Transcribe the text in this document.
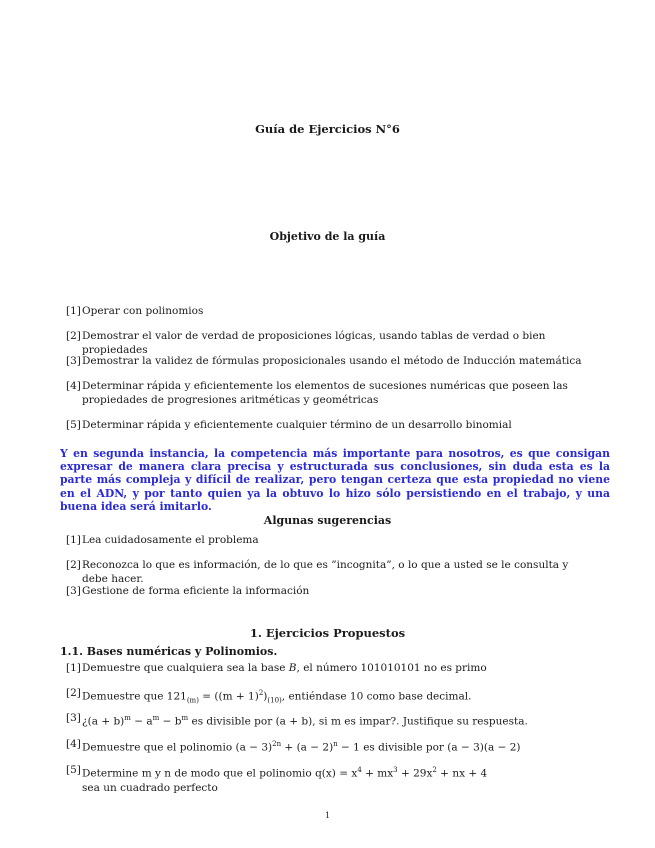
Guía de Ejercicios N°6
Objetivo de la guía
[1] Operar con polinomios
[2] Demostrar el valor de verdad de proposiciones lógicas, usando tablas de verdad o bien propiedades
[3] Demostrar la validez de fórmulas proposicionales usando el método de Inducción matemática
[4] Determinar rápida y eficientemente los elementos de sucesiones numéricas que poseen las propiedades de progresiones aritméticas y geométricas
[5] Determinar rápida y eficientemente cualquier término de un desarrollo binomial
Y en segunda instancia, la competencia más importante para nosotros, es que consigan expresar de manera clara precisa y estructurada sus conclusiones, sin duda esta es la parte más compleja y difícil de realizar, pero tengan certeza que esta propiedad no viene en el ADN, y por tanto quien ya la obtuvo lo hizo sólo persistiendo en el trabajo, y una buena idea será imitarlo.
Algunas sugerencias
[1] Lea cuidadosamente el problema
[2] Reconozca lo que es información, de lo que es ”incognita”, o lo que a usted se le consulta y debe hacer.
[3] Gestione de forma eficiente la información
1. Ejercicios Propuestos
1.1. Bases numéricas y Polinomios.
[1] Demuestre que cualquiera sea la base B, el número 101010101 no es primo
[2] Demuestre que $121_{(m)} = ((m + 1)^2)_{(10)}$, entiéndase 10 como base decimal.
[3] ¿$(a + b)^m - a^m - b^m$ es divisible por (a + b), si m es impar?. Justifique su respuesta.
[4] Demuestre que el polinomio $(a - 3)^{2n} + (a - 2)^n - 1$ es divisible por (a − 3)(a − 2)
[5] Determine m y n de modo que el polinomio $q(x) = x^4 + mx^3 + 29x^2$ + nx + 4
sea un cuadrado perfecto
1
